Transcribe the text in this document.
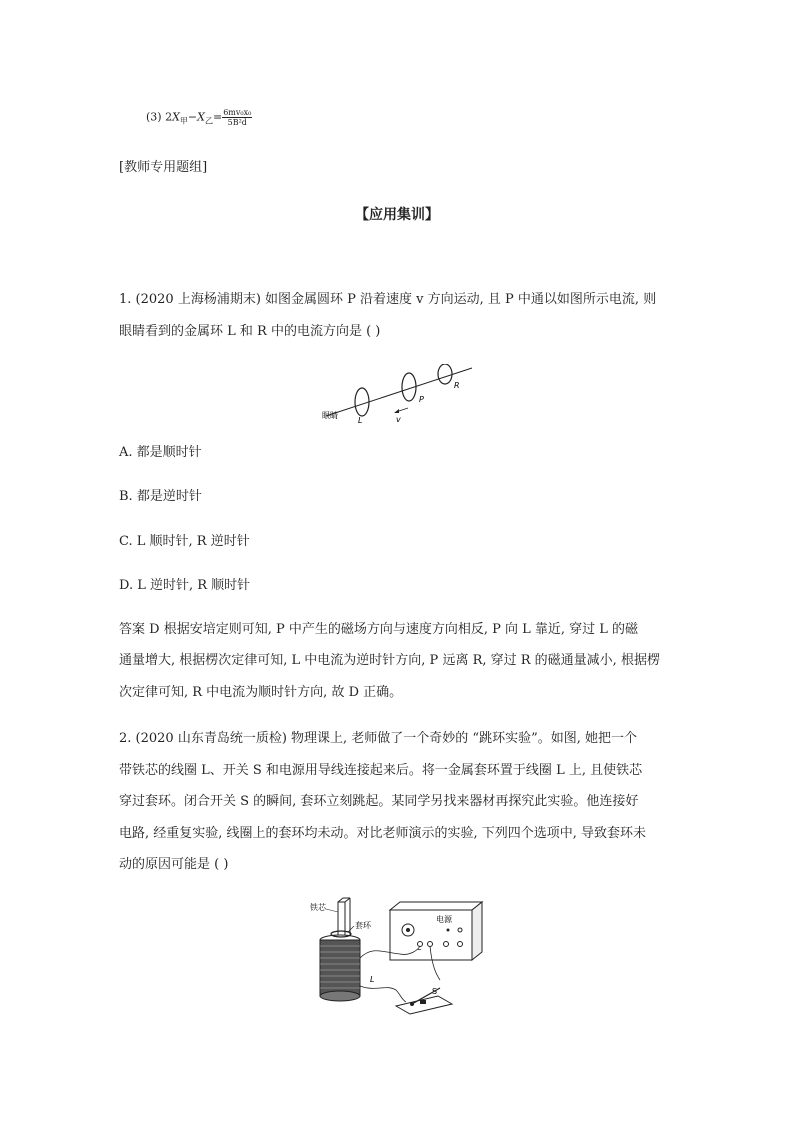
(3) $2X_甲-X_乙= \frac{\text{6mv₀x₀}}{\text{5B²d}}$
[教师专用题组]
【应用集训】
1. (2020 上海杨浦期末) 如图金属圆环 P 沿着速度 v 方向运动, 且 P 中通以如图所示电流, 则
眼睛看到的金属环 L 和 R 中的电流方向是 ( )
眼睛
L	v
P
R
A. 都是顺时针
B. 都是逆时针
C. L 顺时针, R 逆时针
D. L 逆时针, R 顺时针
答案 D 根据安培定则可知, P 中产生的磁场方向与速度方向相反, P 向 L 靠近, 穿过 L 的磁
通量增大, 根据楞次定律可知, L 中电流为逆时针方向, P 远离 R, 穿过 R 的磁通量减小, 根据楞
次定律可知, R 中电流为顺时针方向, 故 D 正确。
2. (2020 山东青岛统一质检) 物理课上, 老师做了一个奇妙的 “跳环实验”。如图, 她把一个
带铁芯的线圈 L、开关 S 和电源用导线连接起来后。将一金属套环置于线圈 L 上, 且使铁芯
穿过套环。闭合开关 S 的瞬间, 套环立刻跳起。某同学另找来器材再探究此实验。他连接好
电路, 经重复实验, 线圈上的套环均未动。对比老师演示的实验, 下列四个选项中, 导致套环未
动的原因可能是 ( )
铁芯
套环
电源
~
L
S
